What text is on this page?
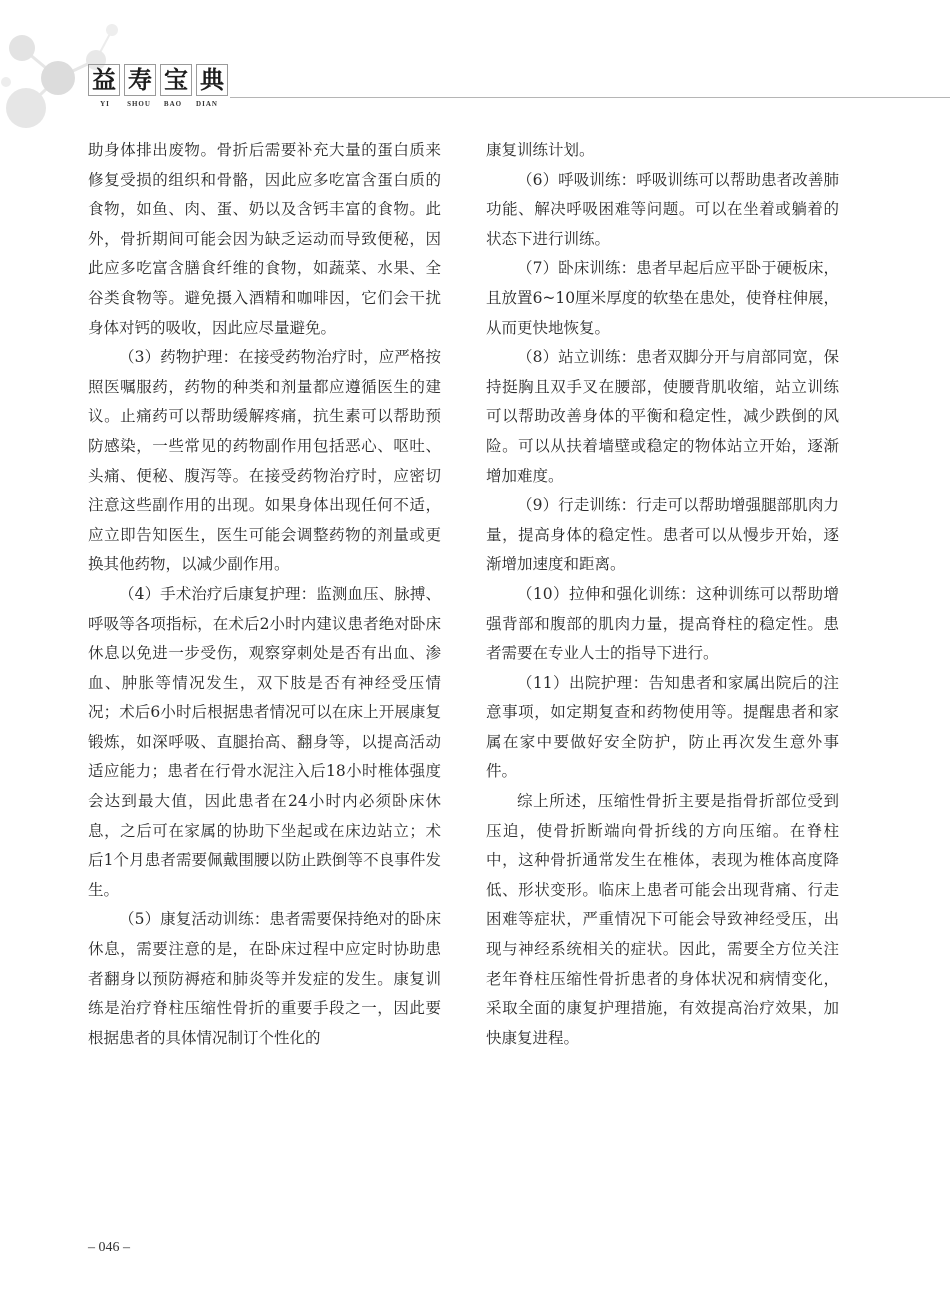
益 寿 宝 典
YI	SHOU	BAO	DIAN

助身体排出废物。骨折后需要补充大量的蛋白质来修复受损的组织和骨骼，因此应多吃富含蛋白质的食物，如鱼、肉、蛋、奶以及含钙丰富的食物。此外，骨折期间可能会因为缺乏运动而导致便秘，因此应多吃富含膳食纤维的食物，如蔬菜、水果、全谷类食物等。避免摄入酒精和咖啡因，它们会干扰身体对钙的吸收，因此应尽量避免。

（3）药物护理：在接受药物治疗时，应严格按照医嘱服药，药物的种类和剂量都应遵循医生的建议。止痛药可以帮助缓解疼痛，抗生素可以帮助预防感染，一些常见的药物副作用包括恶心、呕吐、头痛、便秘、腹泻等。在接受药物治疗时，应密切注意这些副作用的出现。如果身体出现任何不适，应立即告知医生，医生可能会调整药物的剂量或更换其他药物，以减少副作用。

（4）手术治疗后康复护理：监测血压、脉搏、呼吸等各项指标，在术后2小时内建议患者绝对卧床休息以免进一步受伤，观察穿刺处是否有出血、渗血、肿胀等情况发生，双下肢是否有神经受压情况；术后6小时后根据患者情况可以在床上开展康复锻炼，如深呼吸、直腿抬高、翻身等，以提高活动适应能力；患者在行骨水泥注入后18小时椎体强度会达到最大值，因此患者在24小时内必须卧床休息，之后可在家属的协助下坐起或在床边站立；术后1个月患者需要佩戴围腰以防止跌倒等不良事件发生。

（5）康复活动训练：患者需要保持绝对的卧床休息，需要注意的是，在卧床过程中应定时协助患者翻身以预防褥疮和肺炎等并发症的发生。康复训练是治疗脊柱压缩性骨折的重要手段之一，因此要根据患者的具体情况制订个性化的

康复训练计划。

（6）呼吸训练：呼吸训练可以帮助患者改善肺功能、解决呼吸困难等问题。可以在坐着或躺着的状态下进行训练。

（7）卧床训练：患者早起后应平卧于硬板床，且放置6~10厘米厚度的软垫在患处，使脊柱伸展，从而更快地恢复。

（8）站立训练：患者双脚分开与肩部同宽，保持挺胸且双手叉在腰部，使腰背肌收缩，站立训练可以帮助改善身体的平衡和稳定性，减少跌倒的风险。可以从扶着墙壁或稳定的物体站立开始，逐渐增加难度。

（9）行走训练：行走可以帮助增强腿部肌肉力量，提高身体的稳定性。患者可以从慢步开始，逐渐增加速度和距离。

（10）拉伸和强化训练：这种训练可以帮助增强背部和腹部的肌肉力量，提高脊柱的稳定性。患者需要在专业人士的指导下进行。

（11）出院护理：告知患者和家属出院后的注意事项，如定期复查和药物使用等。提醒患者和家属在家中要做好安全防护，防止再次发生意外事件。

综上所述，压缩性骨折主要是指骨折部位受到压迫，使骨折断端向骨折线的方向压缩。在脊柱中，这种骨折通常发生在椎体，表现为椎体高度降低、形状变形。临床上患者可能会出现背痛、行走困难等症状，严重情况下可能会导致神经受压，出现与神经系统相关的症状。因此，需要全方位关注老年脊柱压缩性骨折患者的身体状况和病情变化，采取全面的康复护理措施，有效提高治疗效果，加快康复进程。

– 046 –
